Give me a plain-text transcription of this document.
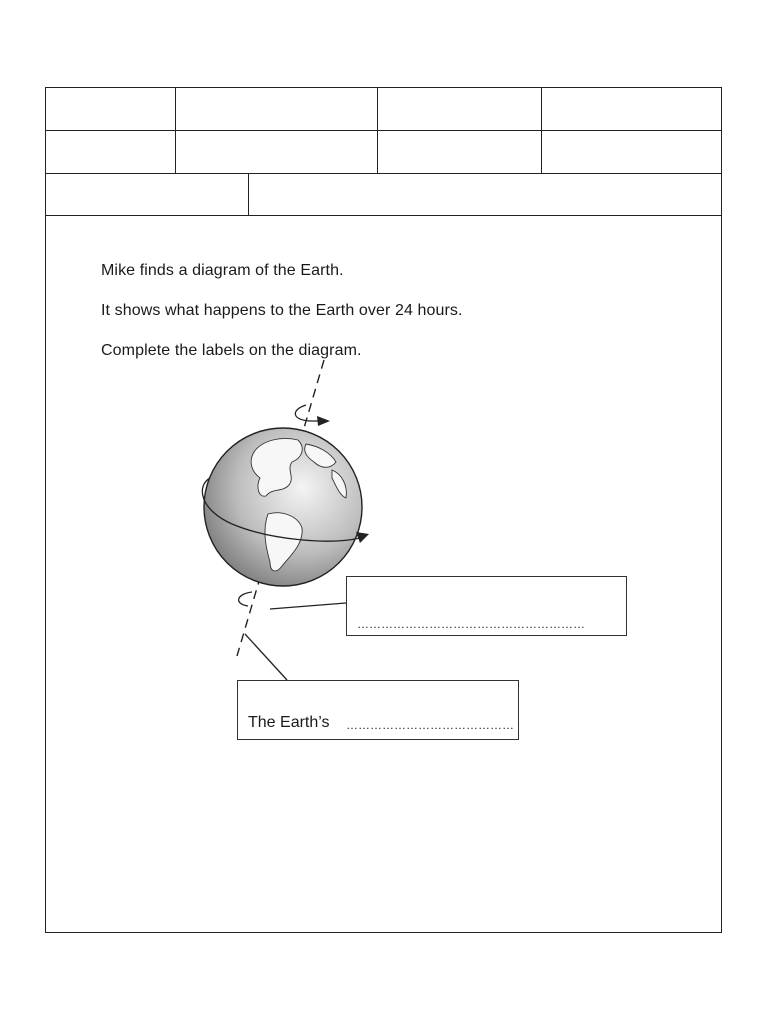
Mike finds a diagram of the Earth.
It shows what happens to the Earth over 24 hours.
Complete the labels on the diagram.
…………………………………………………
The Earth’s ……………………………………
